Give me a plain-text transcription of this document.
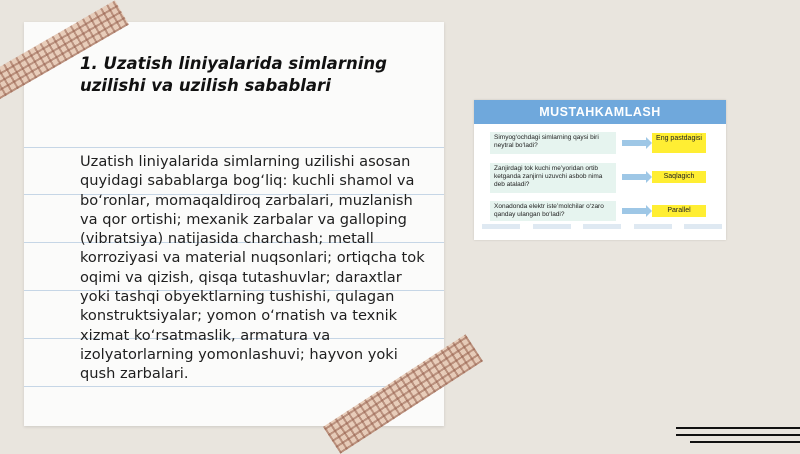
1. Uzatish liniyalarida simlarning
uzilishi va uzilish sabablari
Uzatish liniyalarida simlarning uzilishi asosan quyidagi sabablarga bog‘liq: kuchli shamol va bo‘ronlar, momaqaldiroq zarbalari, muzlanish va qor ortishi; mexanik zarbalar va galloping (vibratsiya) natijasida charchash; metall korroziyasi va material nuqsonlari; ortiqcha tok oqimi va qizish, qisqa tutashuvlar; daraxtlar yoki tashqi obyektlarning tushishi, qulagan konstruktsiyalar; yomon o‘rnatish va texnik xizmat ko‘rsatmaslik, armatura va izolyatorlarning yomonlashuvi; hayvon yoki qush zarbalari.
MUSTAHKAMLASH
Simyog‘ochdagi simlarning qaysi biri neytral bo‘ladi?
Eng pastdagisi
Zanjirdagi tok kuchi me’yoridan ortib ketganda zanjirni uzuvchi asbob nima deb ataladi?
Saqlagich
Xonadonda elektr iste’molchilar o‘zaro qanday ulangan bo‘ladi?
Parallel
